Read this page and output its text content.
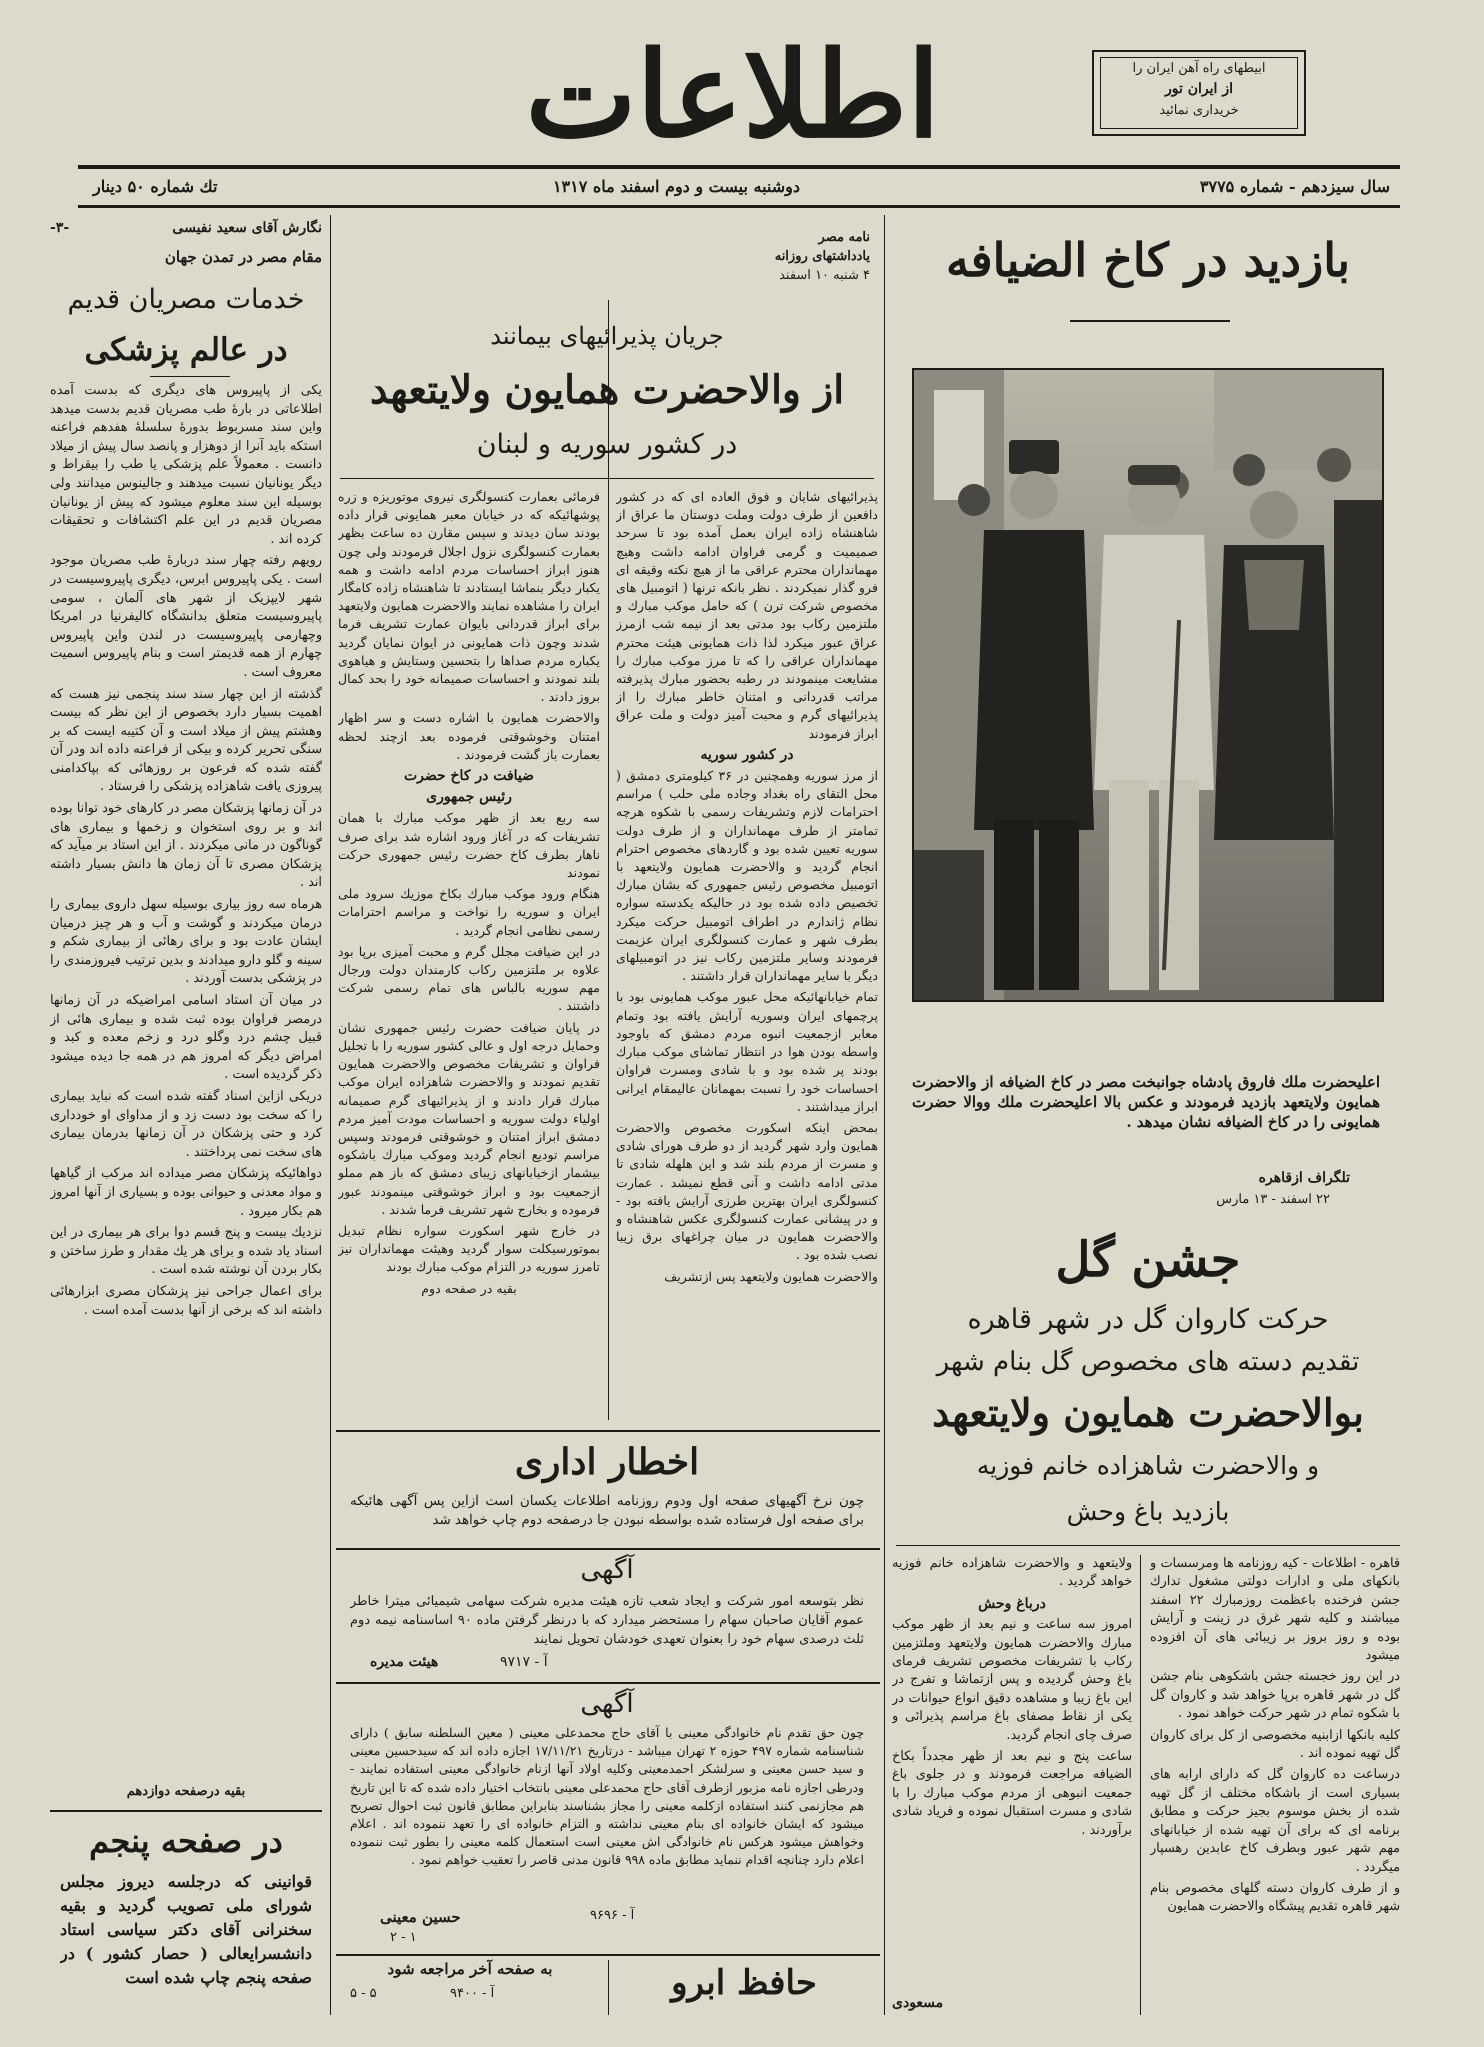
ابیطهای راه آهن ایران را
از ایران تور
خریداری نمائید
اطلاعات
سال سیزدهم - شماره ۳۷۷۵
دوشنبه بیست و دوم اسفند ماه ۱۳۱۷
تك شماره ۵۰ دینار
بازدید در کاخ الضیافه
اعلیحضرت ملك فاروق پادشاه جوانبخت مصر در کاخ الضیافه از والاحضرت همایون ولایتعهد بازدید فرمودند و عکس بالا اعلیحضرت ملك ووالا حضرت همایونی را در کاخ الضیافه نشان میدهد .
تلگراف ازقاهره
۲۲ اسفند - ۱۳ مارس
جشن گل
حرکت کاروان گل در شهر قاهره
تقدیم دسته های مخصوص گل بنام شهر
بوالاحضرت همایون ولایتعهد
و والاحضرت شاهزاده خانم فوزیه
بازدید باغ وحش

قاهره - اطلاعات - کیه روزنامه ها ومرسسات و بانکهای ملی و ادارات دولتی مشغول تدارك جشن فرخنده باعظمت روزمبارك ۲۲ اسفند میباشند و کلیه شهر غرق در زینت و آرایش بوده و روز بروز بر زیبائی های آن افزوده میشود

در این روز خجسته جشن باشکوهی بنام جشن گل در شهر قاهره برپا خواهد شد و کاروان گل با شکوه تمام در شهر حرکت خواهد نمود .

کلیه بانکها ازابنیه مخصوصی از کل برای کاروان گل تهیه نموده اند .

درساعت ده کاروان گل که دارای ارابه های بسیاری است از باشکاه مختلف از گل تهیه شده از بخش موسوم بجیز حرکت و مطابق برنامه ای که برای آن تهیه شده از خیابانهای مهم شهر عبور وبطرف کاخ عابدین رهسپار میگردد .

و از طرف کاروان دسته گلهای مخصوص بنام شهر قاهره تقدیم پیشگاه والاحضرت همایون

ولایتعهد و والاحضرت شاهزاده خانم فوزیه خواهد گردید .

درباغ وحش

امروز سه ساعت و نیم بعد از ظهر موکب مبارك والاحضرت همایون ولایتعهد وملتزمین رکاب با تشریفات مخصوص تشریف فرمای باغ وحش گردیده و پس ازتماشا و تفرج در این باغ زیبا و مشاهده دقیق انواع حیوانات در یکی از نقاط مصفای باغ مراسم پذیرائی و صرف چای انجام گردید.

ساعت پنج و نیم بعد از ظهر مجدداً بکاخ الضیافه مراجعت فرمودند و در جلوی باغ جمعیت انبوهی از مردم موکب مبارك را با شادی و مسرت استقبال نموده و فریاد شادی برآوردند .

مسعودی
نامه مصر
یادداشتهای روزانه
۴ شنبه ۱۰ اسفند
جریان پذیرائیهای بیمانند
از والاحضرت همایون ولایتعهد
در کشور سوریه و لبنان

پذیرائیهای شایان و فوق العاده ای که در کشور دافعین از طرف دولت وملت دوستان ما عراق از شاهنشاه زاده ایران بعمل آمده بود تا سرحد صمیمیت و گرمی فراوان ادامه داشت وهیچ مهمانداران محترم عراقی ما از هیچ نکته وقیقه ای فرو گذار نمیکردند . نظر بانکه ترنها ( اتومبیل های مخصوص شرکت ترن ) که حامل موکب مبارك و ملتزمین رکاب بود مدتی بعد از نیمه شب ازمرز عراق عبور میکرد لذا ذات همایونی هیئت محترم مهمانداران عراقی را که تا مرز موکب مبارك را مشایعت مینمودند در رطبه بحضور مبارك پذیرفته مراتب قدردانی و امتنان خاطر مبارك را از پذیرائیهای گرم و محبت آمیز دولت و ملت عراق ابراز فرمودند

در کشور سوریه

از مرز سوریه وهمچنین در ۳۶ کیلومتری دمشق ( محل التقای راه بغداد وجاده ملی حلب ) مراسم احترامات لازم وتشریفات رسمی با شکوه هرچه تمامتر از طرف مهمانداران و از طرف دولت سوریه تعیین شده بود و گاردهای مخصوص احترام انجام گردید و والاحضرت همایون ولایتعهد با اتومبیل مخصوص رئیس جمهوری که بشان مبارك تخصیص داده شده بود در حالیکه یکدسته سواره نظام ژاندارم در اطراف اتومبیل حرکت میکرد بطرف شهر و عمارت کنسولگری ایران عزیمت فرمودند وسایر ملتزمین رکاب نیز در اتومبیلهای دیگر با سایر مهمانداران قرار داشتند .

تمام خیابانهائیکه محل عبور موکب همایونی بود با پرچمهای ایران وسوریه آرایش یافته بود وتمام معابر ازجمعیت انبوه مردم دمشق که باوجود واسطه بودن هوا در انتظار تماشای موکب مبارك بودند پر شده بود و با شادی ومسرت فراوان احساسات خود را نسبت بمهمانان عالیمقام ایرانی ابراز میداشتند .

بمحض اینکه اسکورت مخصوص والاحضرت همایون وارد شهر گردید از دو طرف هورای شادی و مسرت از مردم بلند شد و این هلهله شادی تا مدتی ادامه داشت و آنی قطع نمیشد . عمارت کنسولگری ایران بهترین طرزی آرایش یافته بود - و در پیشانی عمارت کنسولگری عکس شاهنشاه و والاحضرت همایون در میان چراغهای برق زیبا نصب شده بود .

والاحضرت همایون ولایتعهد پس ازتشریف

فرمائی بعمارت کنسولگری نیروی موتوریزه و زره پوشهائیکه که در خیابان معبر همایونی قرار داده بودند سان دیدند و سپس مقارن ده ساعت بظهر بعمارت کنسولگری نزول اجلال فرمودند ولی چون هنوز ابراز احساسات مردم ادامه داشت و همه یکبار دیگر بنماشا ایستادند تا شاهنشاه زاده کامگار ایران را مشاهده نمایند والاحضرت همایون ولایتعهد برای ابراز قدردانی بایوان عمارت تشریف فرما شدند وچون ذات همایونی در ایوان نمایان گردید یکباره مردم صداها را بتحسین وستایش و هیاهوی بلند نمودند و احساسات صمیمانه خود را بحد کمال بروز دادند .

والاحضرت همایون با اشاره دست و سر اظهار امتنان وخوشوقتی فرموده بعد ازچند لحظه بعمارت باز گشت فرمودند .

ضیافت در کاخ حضرت

رئیس جمهوری

سه ربع بعد از ظهر موکب مبارك با همان تشریفات که در آغاز ورود اشاره شد برای صرف ناهار بطرف کاخ حضرت رئیس جمهوری حرکت نمودند

هنگام ورود موکب مبارك بکاخ موزیك سرود ملی ایران و سوریه را نواخت و مراسم احترامات رسمی نظامی انجام گردید .

در این ضیافت مجلل گرم و محبت آمیزی برپا بود علاوه بر ملتزمین رکاب کارمندان دولت ورجال مهم سوریه بالباس های تمام رسمی شرکت داشتند .

در پایان ضیافت حضرت رئیس جمهوری نشان وحمایل درجه اول و عالی کشور سوریه را با تجلیل فراوان و تشریفات مخصوص والاحضرت همایون تقدیم نمودند و والاحضرت شاهزاده ایران موکب مبارك قرار دادند و از پذیرائیهای گرم صمیمانه اولیاء دولت سوریه و احساسات مودت آمیز مردم دمشق ابراز امتنان و خوشوقتی فرمودند وسپس مراسم تودیع انجام گردید وموکب مبارك باشکوه بیشمار ازخیابانهای زیبای دمشق که باز هم مملو ازجمعیت بود و ابراز خوشوقتی مینمودند عبور فرموده و بخارج شهر تشریف فرما شدند .

در خارج شهر اسکورت سواره نظام تبدیل بموتورسیکلت سوار گردید وهیئت مهمانداران نیز تامرز سوریه در التزام موکب مبارك بودند

بقیه در صفحه دوم

اخطار اداری
چون نرخ آگهیهای صفحه اول ودوم روزنامه اطلاعات یکسان است ازاین پس آگهی هائیکه برای صفحه اول فرستاده شده بواسطه نبودن جا درصفحه دوم چاپ خواهد شد
آگهی
نظر بتوسعه امور شرکت و ایجاد شعب تازه هیئت مدیره شرکت سهامی شیمیائی میترا خاطر عموم آقایان صاحبان سهام را مستحضر میدارد که با درنظر گرفتن ماده ۹۰ اساسنامه نیمه دوم ثلث درصدی سهام خود را بعنوان تعهدی خودشان تحویل نمایند
هیئت مدیره	آ - ۹۷۱۷
آگهی
چون حق تقدم نام خانوادگی معینی با آقای حاج محمدعلی معینی ( معین السلطنه سابق ) دارای شناسنامه شماره ۴۹۷ حوزه ۲ تهران میباشد - درتاریخ ۱۷/۱۱/۲۱ اجازه داده اند که سیدحسین معینی و سید حسن معینی و سرلشکر احمدمعینی وکلیه اولاد آنها ازنام خانوادگی معینی استفاده نمایند - ودرطی اجازه نامه مزبور ازطرف آقای حاج محمدعلی معینی بانتخاب اختیار داده شده که تا این تاریخ هم مجازنمی کنند استفاده ازکلمه معینی را مجاز بشناسند بنابراین مطابق قانون ثبت احوال تصریح میشود که ایشان خانواده ای بنام معینی نداشته و التزام خانواده ای را تعهد ننموده اند . اعلام وخواهش میشود هرکس نام خانوادگی اش معینی است استعمال کلمه معینی را بطور ثبت ننموده اعلام دارد چنانچه اقدام ننماید مطابق ماده ۹۹۸ قانون مدنی قاصر را تعقیب خواهم نمود .
آ - ۹۶۹۶
حسین معینی
۱ - ۲
به صفحه آخر مراجعه شود
آ - ۹۴۰۰
۵ - ۵	حافظ ابرو
نگارش آقای سعید نفیسی
-۳-
مقام مصر در تمدن جهان
خدمات مصریان قدیم
در عالم پزشکی

یکی از پاپیروس های دیگری که بدست آمده اطلاعاتی در بارهٔ طب مصریان قدیم بدست میدهد واین سند مسربوط بدورهٔ سلسلهٔ هفدهم فراعنه استکه باید آنرا از دوهزار و پانصد سال پیش از میلاد دانست . معمولاً علم پزشکی یا طب را بیقراط و دیگر یونانیان نسبت میدهند و جالینوس میدانند ولی بوسیله این سند معلوم میشود که پیش از یونانیان مصریان قدیم در این علم اکتشافات و تحقیقات کرده اند .

رویهم رفته چهار سند دربارهٔ طب مصریان موجود است . یکی پاپیروس ابرس، دیگری پاپیروسیست در شهر لایپزیک از شهر های آلمان ، سومی پاپیروسیست متعلق بدانشگاه کالیفرنیا در امریکا وچهارمی پاپیروسیست در لندن واین پاپیروس چهارم از همه قدیمتر است و بنام پاپیروس اسمیت معروف است .

گذشته از این چهار سند سند پنجمی نیز هست که اهمیت بسیار دارد بخصوص از این نظر که بیست وهشتم پیش از میلاد است و آن کتیبه ایست که بر سنگی تحریر کرده و بیکی از فراعنه داده اند ودر آن گفته شده که فرعون بر روزهائی که بپاکدامنی پیروزی یافت شاهزاده پزشکی را فرستاد .

در آن زمانها پزشکان مصر در کارهای خود توانا بوده اند و بر روی استخوان و زخمها و بیماری های گوناگون در مانی میکردند . از این استاد بر میآید که پزشکان مصری تا آن زمان ها دانش بسیار داشته اند .

هرماه سه روز بیاری بوسیله سهل داروی بیماری را درمان میکردند و گوشت و آب و هر چیز درمیان ایشان عادت بود و برای رهائی از بیماری شکم و سینه و گلو دارو میدادند و بدین ترتیب فیروزمندی را در پزشکی بدست آوردند .

در میان آن استاد اسامی امراضیکه در آن زمانها درمصر فراوان بوده ثبت شده و بیماری هائی از قبیل چشم درد وگلو درد و زخم معده و کبد و امراض دیگر که امروز هم در همه جا دیده میشود ذکر گردیده است .

دریکی ازاین اسناد گفته شده است که نباید بیماری را که سخت بود دست زد و از مداوای او خودداری کرد و حتی پزشکان در آن زمانها بدرمان بیماری های سخت نمی پرداختند .

دواهائیکه پزشکان مصر میداده اند مرکب از گیاهها و مواد معدنی و حیوانی بوده و بسیاری از آنها امروز هم بکار میرود .

نزدیك بیست و پنج قسم دوا برای هر بیماری در این اسناد یاد شده و برای هر یك مقدار و طرز ساختن و بکار بردن آن نوشته شده است .

برای اعمال جراحی نیز پزشکان مصری ابزارهائی داشته اند که برخی از آنها بدست آمده است .

بقیه درصفحه دوازدهم
در صفحه پنجم
قوانینی که درجلسه دیروز مجلس شورای ملی تصویب گردید و بقیه سخنرانی آقای دکتر سیاسی استاد دانشسرایعالی ( حصار کشور ) در صفحه پنجم چاپ شده است
